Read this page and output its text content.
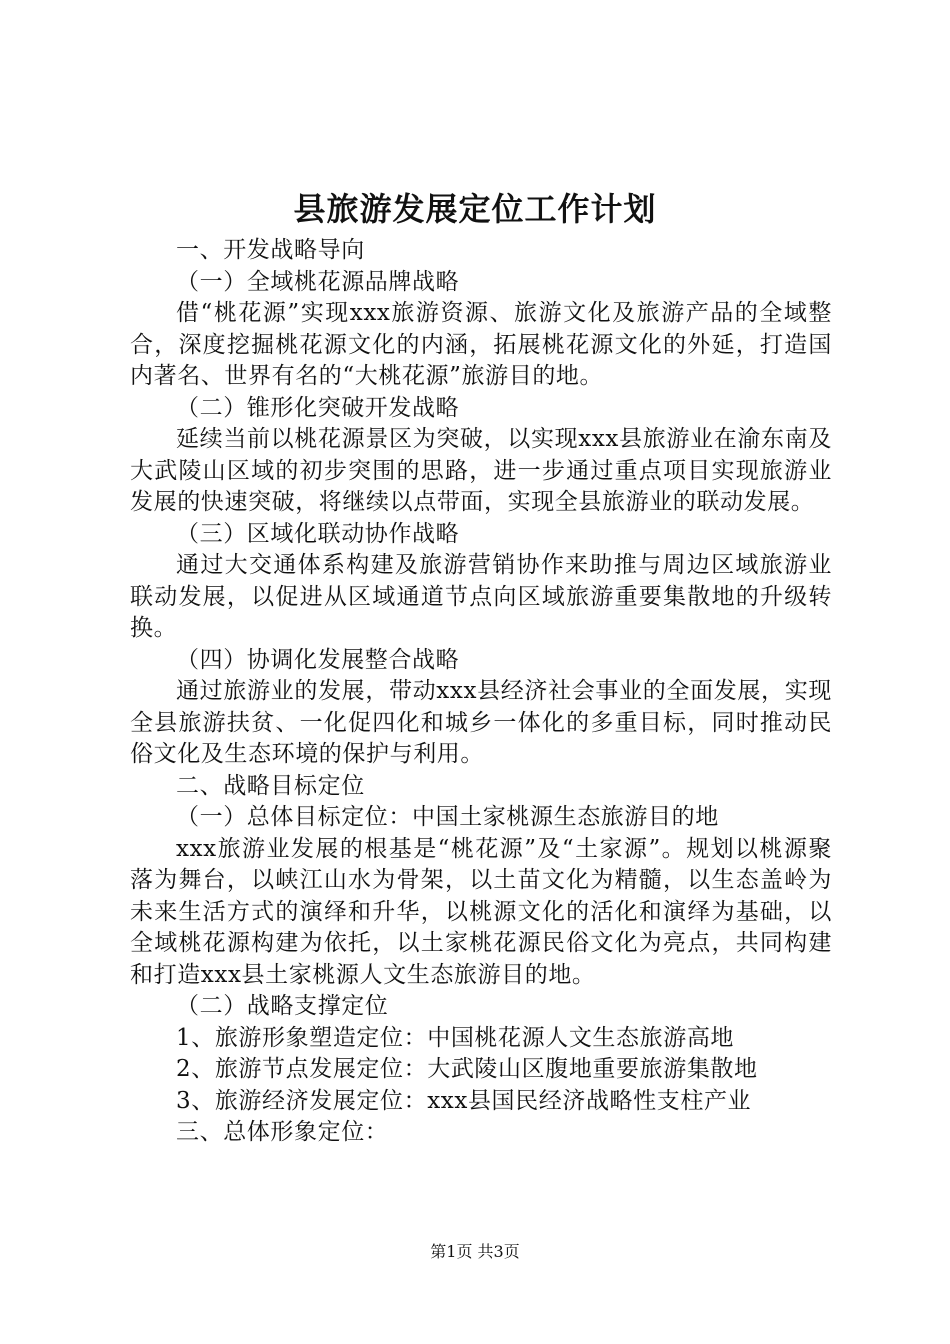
县旅游发展定位工作计划

一、开发战略导向

（一）全域桃花源品牌战略

借“桃花源”实现xxx旅游资源、旅游文化及旅游产品的全域整合，深度挖掘桃花源文化的内涵，拓展桃花源文化的外延，打造国内著名、世界有名的“大桃花源”旅游目的地。

（二）锥形化突破开发战略

延续当前以桃花源景区为突破，以实现xxx县旅游业在渝东南及大武陵山区域的初步突围的思路，进一步通过重点项目实现旅游业发展的快速突破，将继续以点带面，实现全县旅游业的联动发展。

（三）区域化联动协作战略

通过大交通体系构建及旅游营销协作来助推与周边区域旅游业联动发展，以促进从区域通道节点向区域旅游重要集散地的升级转换。

（四）协调化发展整合战略

通过旅游业的发展，带动xxx县经济社会事业的全面发展，实现全县旅游扶贫、一化促四化和城乡一体化的多重目标，同时推动民俗文化及生态环境的保护与利用。

二、战略目标定位

（一）总体目标定位：中国土家桃源生态旅游目的地

xxx旅游业发展的根基是“桃花源”及“土家源”。规划以桃源聚落为舞台，以峡江山水为骨架，以土苗文化为精髓，以生态盖岭为未来生活方式的演绎和升华，以桃源文化的活化和演绎为基础，以全域桃花源构建为依托，以土家桃花源民俗文化为亮点，共同构建和打造xxx县土家桃源人文生态旅游目的地。

（二）战略支撑定位

1、旅游形象塑造定位：中国桃花源人文生态旅游高地

2、旅游节点发展定位：大武陵山区腹地重要旅游集散地

3、旅游经济发展定位：xxx县国民经济战略性支柱产业

三、总体形象定位：

第1页 共3页
